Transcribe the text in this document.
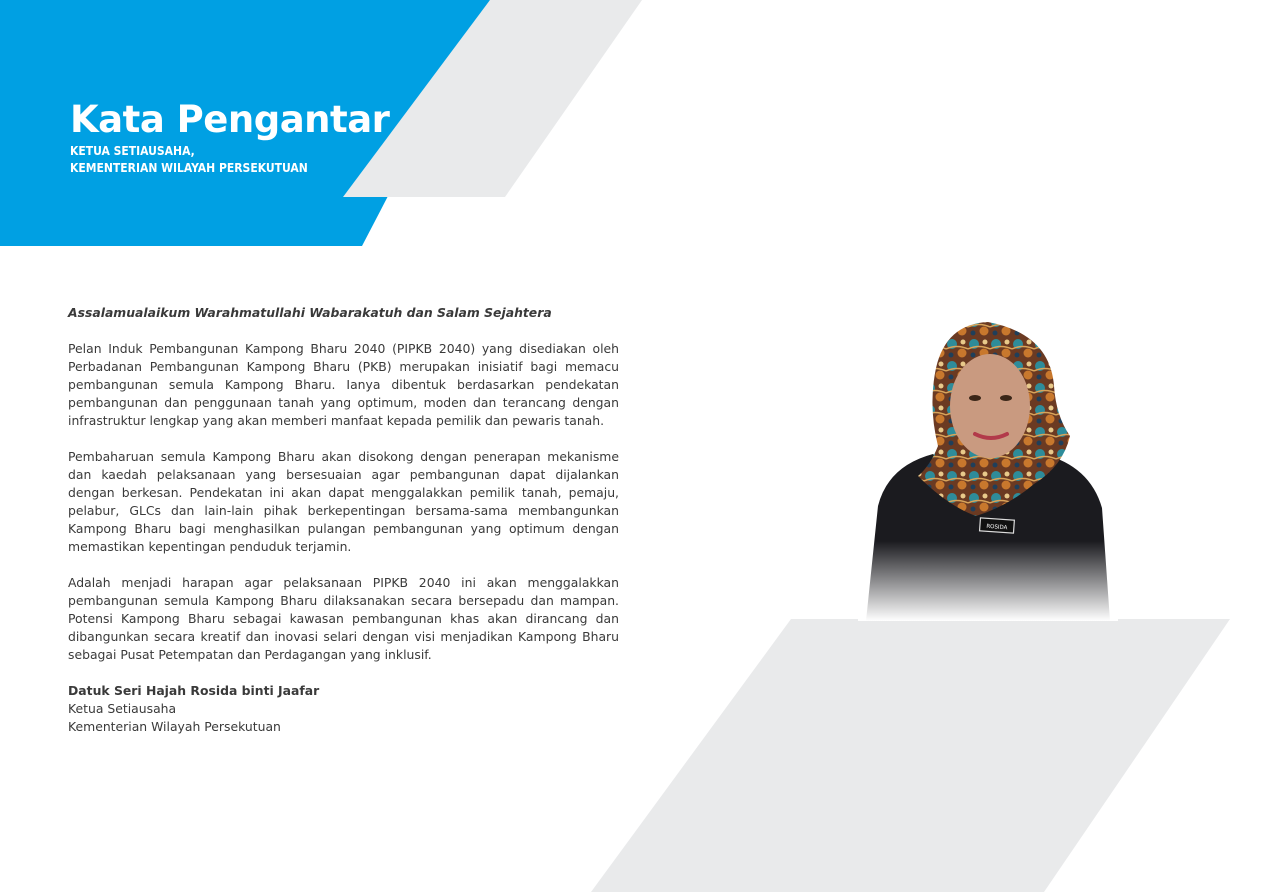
Kata Pengantar
KETUA SETIAUSAHA,
KEMENTERIAN WILAYAH PERSEKUTUAN

Assalamualaikum Warahmatullahi Wabarakatuh dan Salam Sejahtera

Pelan Induk Pembangunan Kampong Bharu 2040 (PIPKB 2040) yang disediakan oleh Perbadanan Pembangunan Kampong Bharu (PKB) merupakan inisiatif bagi memacu pembangunan semula Kampong Bharu. Ianya dibentuk berdasarkan pendekatan pembangunan dan penggunaan tanah yang optimum, moden dan terancang dengan infrastruktur lengkap yang akan memberi manfaat kepada pemilik dan pewaris tanah.

Pembaharuan semula Kampong Bharu akan disokong dengan penerapan mekanisme dan kaedah pelaksanaan yang bersesuaian agar pembangunan dapat dijalankan dengan berkesan. Pendekatan ini akan dapat menggalakkan pemilik tanah, pemaju, pelabur, GLCs dan lain-lain pihak berkepentingan bersama-sama membangunkan Kampong Bharu bagi menghasilkan pulangan pembangunan yang optimum dengan memastikan kepentingan penduduk terjamin.

Adalah menjadi harapan agar pelaksanaan PIPKB 2040 ini akan menggalakkan pembangunan semula Kampong Bharu dilaksanakan secara bersepadu dan mampan. Potensi Kampong Bharu sebagai kawasan pembangunan khas akan dirancang dan dibangunkan secara kreatif dan inovasi selari dengan visi menjadikan Kampong Bharu sebagai Pusat Petempatan dan Perdagangan yang inklusif.

Datuk Seri Hajah Rosida binti Jaafar
Ketua Setiausaha
Kementerian Wilayah Persekutuan
ROSIDA
